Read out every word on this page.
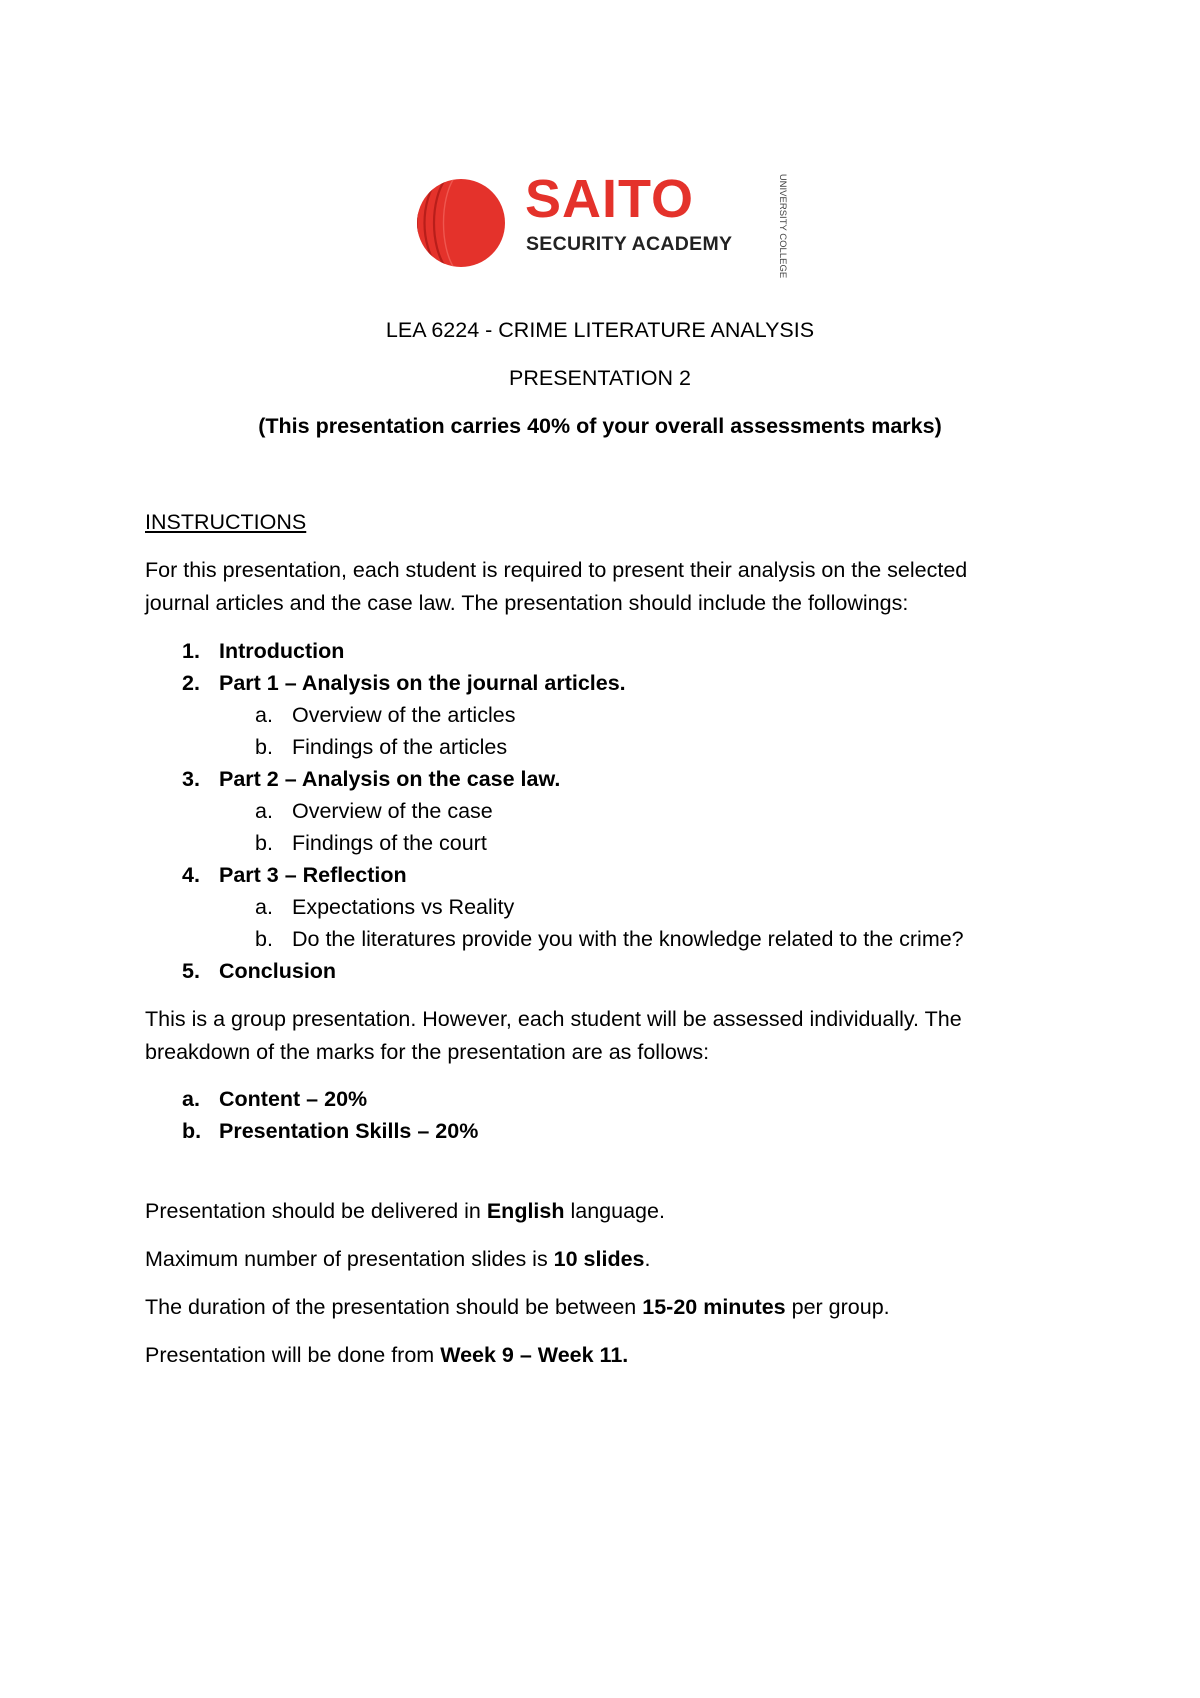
SAITO
SECURITY ACADEMY	UNIVERSITY COLLEGE
LEA 6224 - CRIME LITERATURE ANALYSIS
PRESENTATION 2
(This presentation carries 40% of your overall assessments marks)
INSTRUCTIONS
For this presentation, each student is required to present their analysis on the selected
journal articles and the case law. The presentation should include the followings:
1. Introduction
2. Part 1 – Analysis on the journal articles.
a. Overview of the articles
b. Findings of the articles
3. Part 2 – Analysis on the case law.
a. Overview of the case
b. Findings of the court
4. Part 3 – Reflection
a. Expectations vs Reality
b. Do the literatures provide you with the knowledge related to the crime?
5. Conclusion
This is a group presentation. However, each student will be assessed individually. The
breakdown of the marks for the presentation are as follows:
a. Content – 20%
b. Presentation Skills – 20%
Presentation should be delivered in English language.
Maximum number of presentation slides is 10 slides.
The duration of the presentation should be between 15-20 minutes per group.
Presentation will be done from Week 9 – Week 11.
